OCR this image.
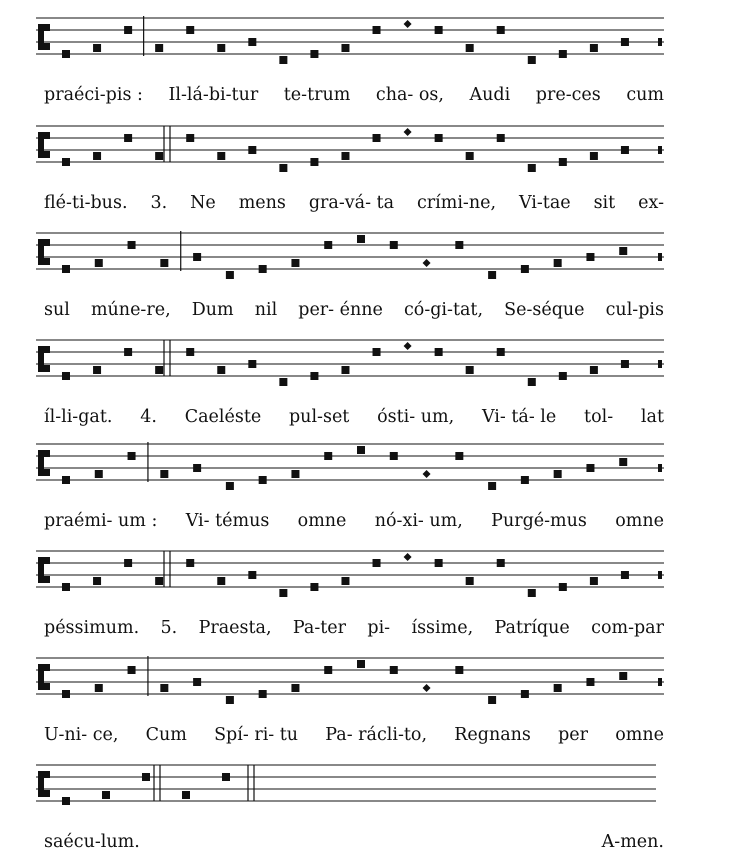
praéci-pis : Il-lá-bi-tur te-trum cha- os, Audi pre-ces cum
flé-ti-bus. 3. Ne mens gra-vá- ta crími-ne, Vi-tae sit ex-
sul múne-re, Dum nil per- énne có-gi-tat, Se-séque cul-pis
íl-li-gat. 4. Caeléste pul-set ósti- um, Vi- tá- le tol- lat
praémi- um : Vi- témus omne nó-xi- um, Purgé-mus omne
péssimum. 5. Praesta, Pa-ter pi- íssime, Patríque com-par
U-ni- ce, Cum Spí- ri- tu Pa- rácli-to, Regnans per omne
saécu-lum.	A-men.
